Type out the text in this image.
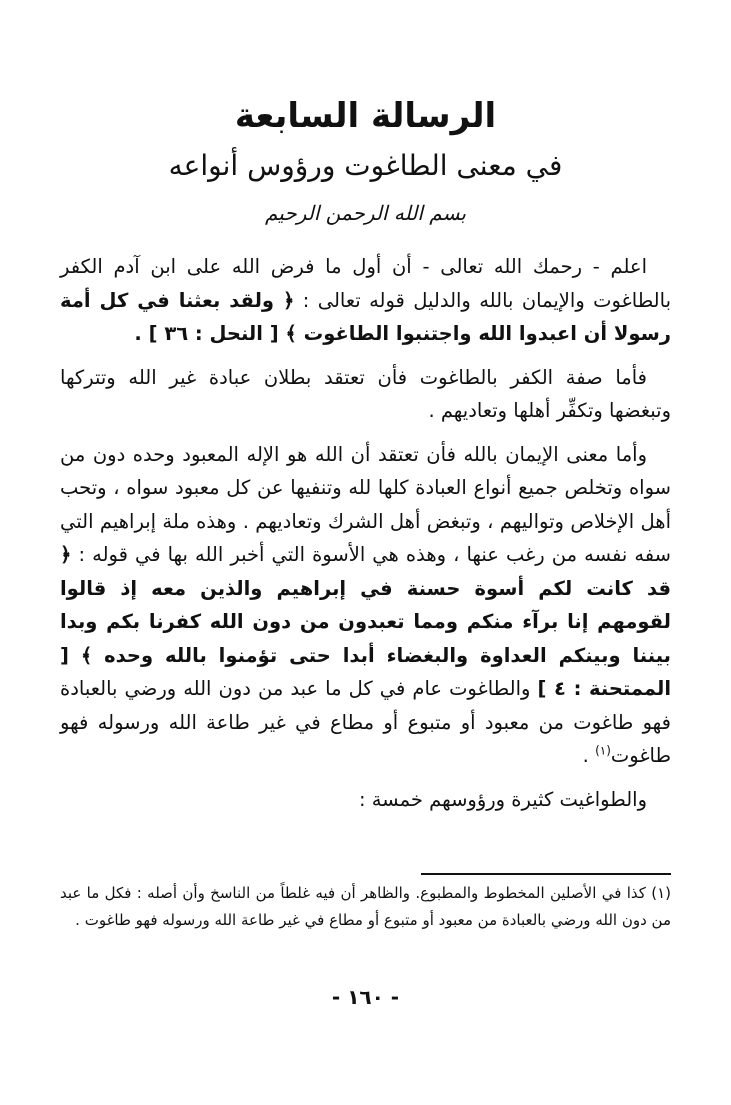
الرسالة السابعة
في معنى الطاغوت ورؤوس أنواعه
بسم الله الرحمن الرحيم

اعلم - رحمك الله تعالى - أن أول ما فرض الله على ابن آدم الكفر بالطاغوت والإيمان بالله والدليل قوله تعالى : ﴿ ولقد بعثنا في كل أمة رسولا أن اعبدوا الله واجتنبوا الطاغوت ﴾ [ النحل : ٣٦ ] .

فأما صفة الكفر بالطاغوت فأن تعتقد بطلان عبادة غير الله وتتركها وتبغضها وتكفِّر أهلها وتعاديهم .

وأما معنى الإيمان بالله فأن تعتقد أن الله هو الإله المعبود وحده دون من سواه وتخلص جميع أنواع العبادة كلها لله وتنفيها عن كل معبود سواه ، وتحب أهل الإخلاص وتواليهم ، وتبغض أهل الشرك وتعاديهم . وهذه ملة إبراهيم التي سفه نفسه من رغب عنها ، وهذه هي الأسوة التي أخبر الله بها في قوله : ﴿ قد كانت لكم أسوة حسنة في إبراهيم والذين معه إذ قالوا لقومهم إنا برآء منكم ومما تعبدون من دون الله كفرنا بكم وبدا بيننا وبينكم العداوة والبغضاء أبدا حتى تؤمنوا بالله وحده ﴾ [ الممتحنة : ٤ ] والطاغوت عام في كل ما عبد من دون الله ورضي بالعبادة فهو طاغوت من معبود أو متبوع أو مطاع في غير طاعة الله ورسوله فهو طاغوت$^{(١)}$ .

والطواغيت كثيرة ورؤوسهم خمسة :

(١) كذا في الأصلين المخطوط والمطبوع. والظاهر أن فيه غلطاً من الناسخ وأن أصله : فكل ما عبد من دون الله ورضي بالعبادة من معبود أو متبوع أو مطاع في غير طاعة الله ورسوله فهو طاغوت .

- ١٦٠ -
